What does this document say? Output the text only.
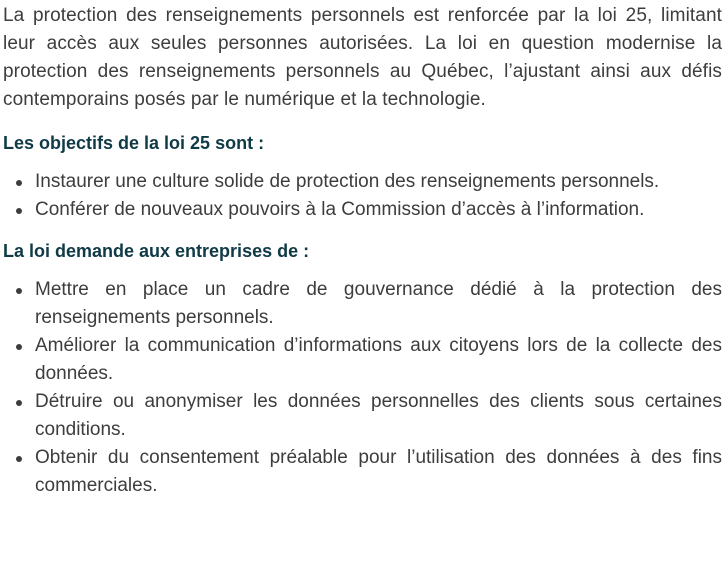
La protection des renseignements personnels est renforcée par la loi 25, limitant leur accès aux seules personnes autorisées. La loi en question modernise la protection des renseignements personnels au Québec, l’ajustant ainsi aux défis contemporains posés par le numérique et la technologie.

Les objectifs de la loi 25 sont :
Instaurer une culture solide de protection des renseignements personnels.
Conférer de nouveaux pouvoirs à la Commission d’accès à l’information.
La loi demande aux entreprises de :
Mettre en place un cadre de gouvernance dédié à la protection des renseignements personnels.
Améliorer la communication d’informations aux citoyens lors de la collecte des données.
Détruire ou anonymiser les données personnelles des clients sous certaines conditions.
Obtenir du consentement préalable pour l’utilisation des données à des fins commerciales.
